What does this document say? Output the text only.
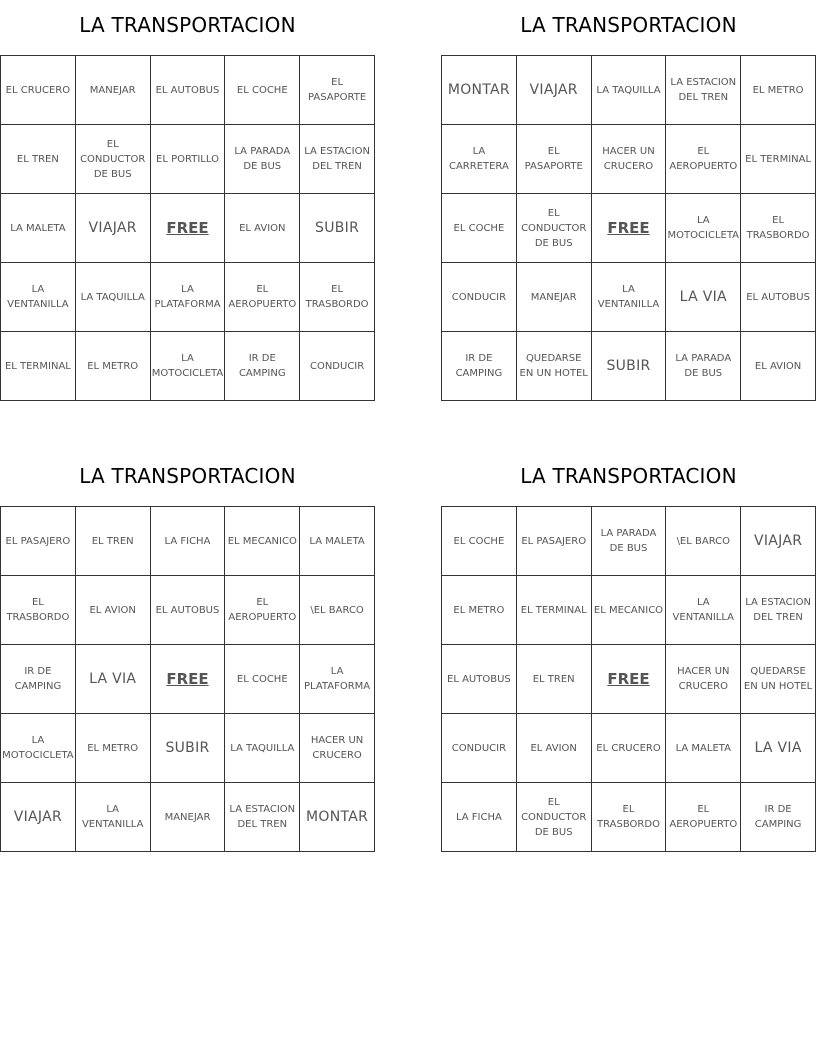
LA TRANSPORTACION
EL CRUCERO	MANEJAR	EL AUTOBUS	EL COCHE	EL PASAPORTE
EL TREN	EL CONDUCTOR DE BUS	EL PORTILLO	LA PARADA DE BUS	LA ESTACION DEL TREN
LA MALETA	VIAJAR	FREE	EL AVION	SUBIR
LA VENTANILLA	LA TAQUILLA	LA PLATAFORMA	EL AEROPUERTO	EL TRASBORDO
EL TERMINAL	EL METRO	LA MOTOCICLETA	IR DE CAMPING	CONDUCIR
LA TRANSPORTACION
MONTAR	VIAJAR	LA TAQUILLA	LA ESTACION DEL TREN	EL METRO
LA CARRETERA	EL PASAPORTE	HACER UN CRUCERO	EL AEROPUERTO	EL TERMINAL
EL COCHE	EL CONDUCTOR DE BUS	FREE	LA MOTOCICLETA	EL TRASBORDO
CONDUCIR	MANEJAR	LA VENTANILLA	LA VIA	EL AUTOBUS
IR DE CAMPING	QUEDARSE EN UN HOTEL	SUBIR	LA PARADA DE BUS	EL AVION
LA TRANSPORTACION
EL PASAJERO	EL TREN	LA FICHA	EL MECANICO	LA MALETA
EL TRASBORDO	EL AVION	EL AUTOBUS	EL AEROPUERTO	\EL BARCO
IR DE CAMPING	LA VIA	FREE	EL COCHE	LA PLATAFORMA
LA MOTOCICLETA	EL METRO	SUBIR	LA TAQUILLA	HACER UN CRUCERO
VIAJAR	LA VENTANILLA	MANEJAR	LA ESTACION DEL TREN	MONTAR
LA TRANSPORTACION
EL COCHE	EL PASAJERO	LA PARADA DE BUS	\EL BARCO	VIAJAR
EL METRO	EL TERMINAL	EL MECANICO	LA VENTANILLA	LA ESTACION DEL TREN
EL AUTOBUS	EL TREN	FREE	HACER UN CRUCERO	QUEDARSE EN UN HOTEL
CONDUCIR	EL AVION	EL CRUCERO	LA MALETA	LA VIA
LA FICHA	EL CONDUCTOR DE BUS	EL TRASBORDO	EL AEROPUERTO	IR DE CAMPING
